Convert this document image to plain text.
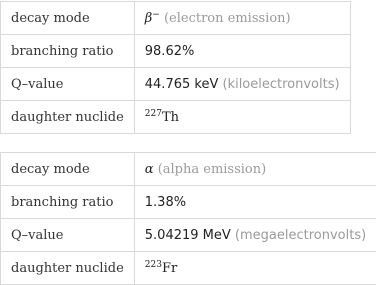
decay mode	β− (electron emission)
branching ratio	98.62%
Q–value	44.765 keV (kiloelectronvolts)
daughter nuclide	$^{227}$Th
decay mode	α (alpha emission)
branching ratio	1.38%
Q–value	5.04219 MeV (megaelectronvolts)
daughter nuclide	$^{223}$Fr
